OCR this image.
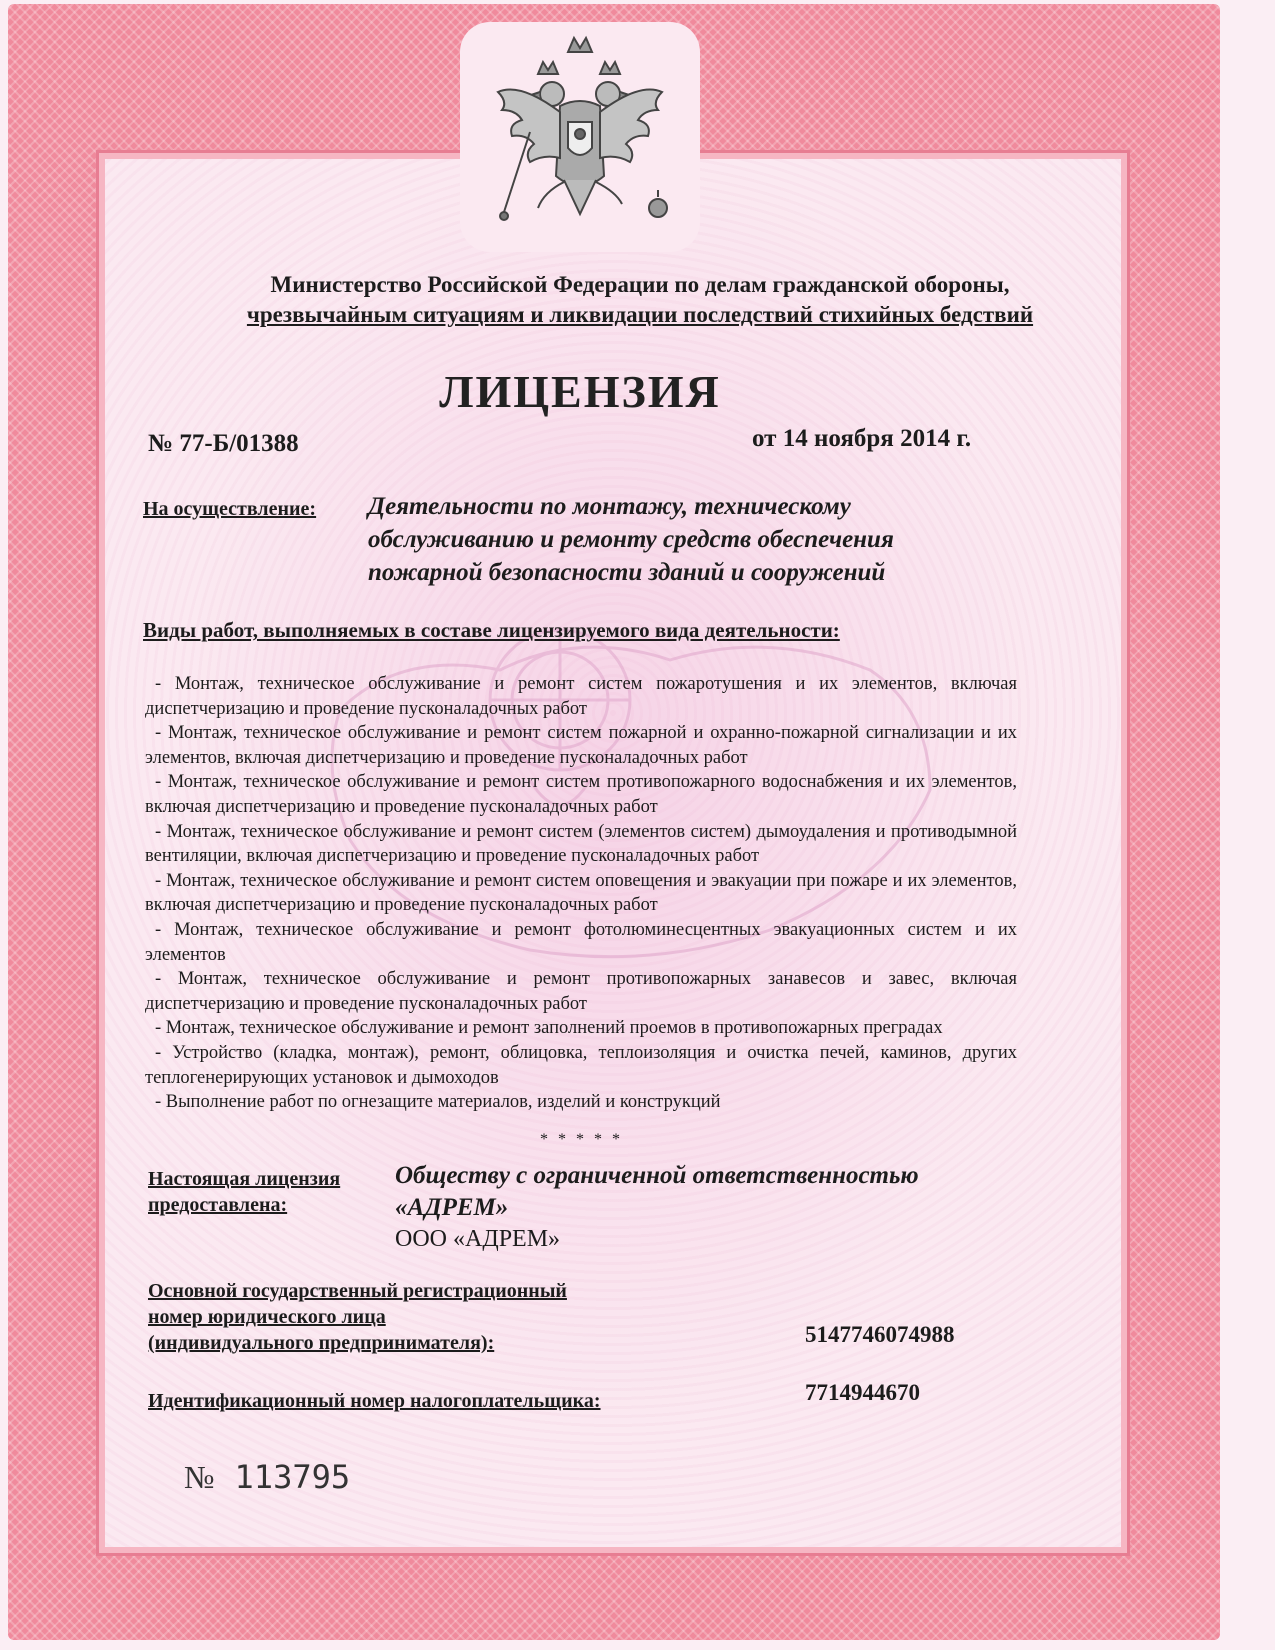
Министерство Российской Федерации по делам гражданской обороны,
чрезвычайным ситуациям и ликвидации последствий стихийных бедствий
ЛИЦЕНЗИЯ
№ 77-Б/01388	от 14 ноября 2014 г.
На осуществление: Деятельности по монтажу, техническому обслуживанию и ремонту средств обеспечения пожарной безопасности зданий и сооружений
Виды работ, выполняемых в составе лицензируемого вида деятельности:

- Монтаж, техническое обслуживание и ремонт систем пожаротушения и их элементов, включая диспетчеризацию и проведение пусконаладочных работ

- Монтаж, техническое обслуживание и ремонт систем пожарной и охранно-пожарной сигнализации и их элементов, включая диспетчеризацию и проведение пусконаладочных работ

- Монтаж, техническое обслуживание и ремонт систем противопожарного водоснабжения и их элементов, включая диспетчеризацию и проведение пусконаладочных работ

- Монтаж, техническое обслуживание и ремонт систем (элементов систем) дымоудаления и противодымной вентиляции, включая диспетчеризацию и проведение пусконаладочных работ

- Монтаж, техническое обслуживание и ремонт систем оповещения и эвакуации при пожаре и их элементов, включая диспетчеризацию и проведение пусконаладочных работ

- Монтаж, техническое обслуживание и ремонт фотолюминесцентных эвакуационных систем и их элементов

- Монтаж, техническое обслуживание и ремонт противопожарных занавесов и завес, включая диспетчеризацию и проведение пусконаладочных работ

- Монтаж, техническое обслуживание и ремонт заполнений проемов в противопожарных преградах

- Устройство (кладка, монтаж), ремонт, облицовка, теплоизоляция и очистка печей, каминов, других теплогенерирующих установок и дымоходов

- Выполнение работ по огнезащите материалов, изделий и конструкций

* * * * *
Настоящая лицензия
предоставлена:
Обществу с ограниченной ответственностью «АДРЕМ»
ООО «АДРЕМ»
Основной государственный регистрационный
номер юридического лица
(индивидуального предпринимателя):	5147746074988
Идентификационный номер налогоплательщика:	7714944670
№ 113795
